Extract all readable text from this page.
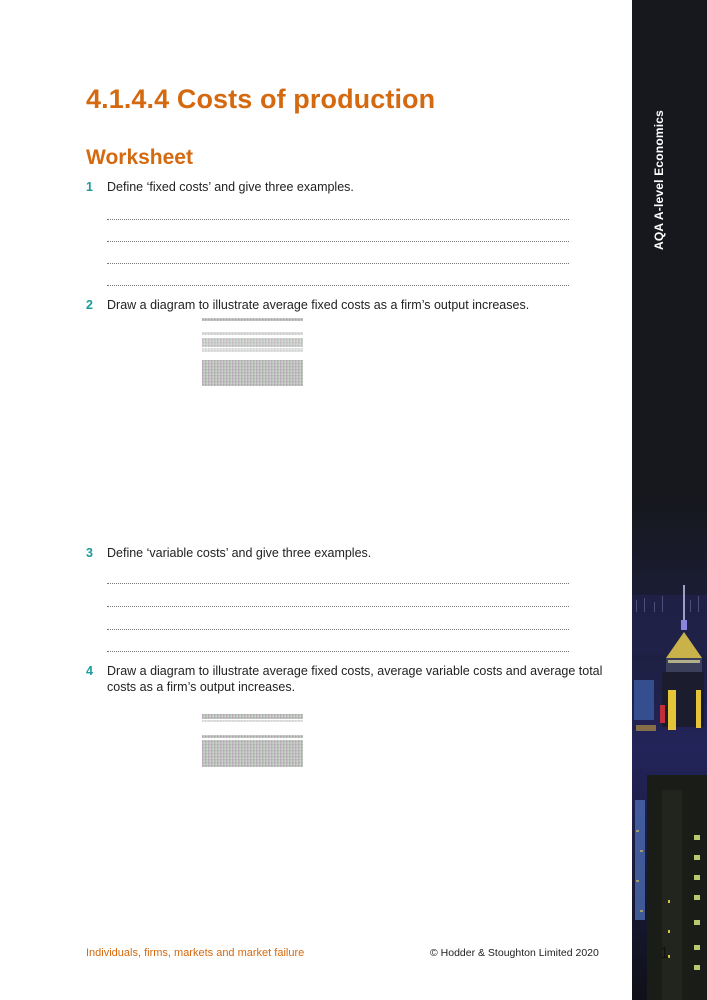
4.1.4.4 Costs of production
Worksheet
1 Define ‘fixed costs’ and give three examples.
2 Draw a diagram to illustrate average fixed costs as a firm’s output increases.
3 Define ‘variable costs’ and give three examples.
4 Draw a diagram to illustrate average fixed costs, average variable costs and average total costs as a firm’s output increases.
Individuals, firms, markets and market failure	© Hodder & Stoughton Limited 2020
AQA A-level Economics
1
